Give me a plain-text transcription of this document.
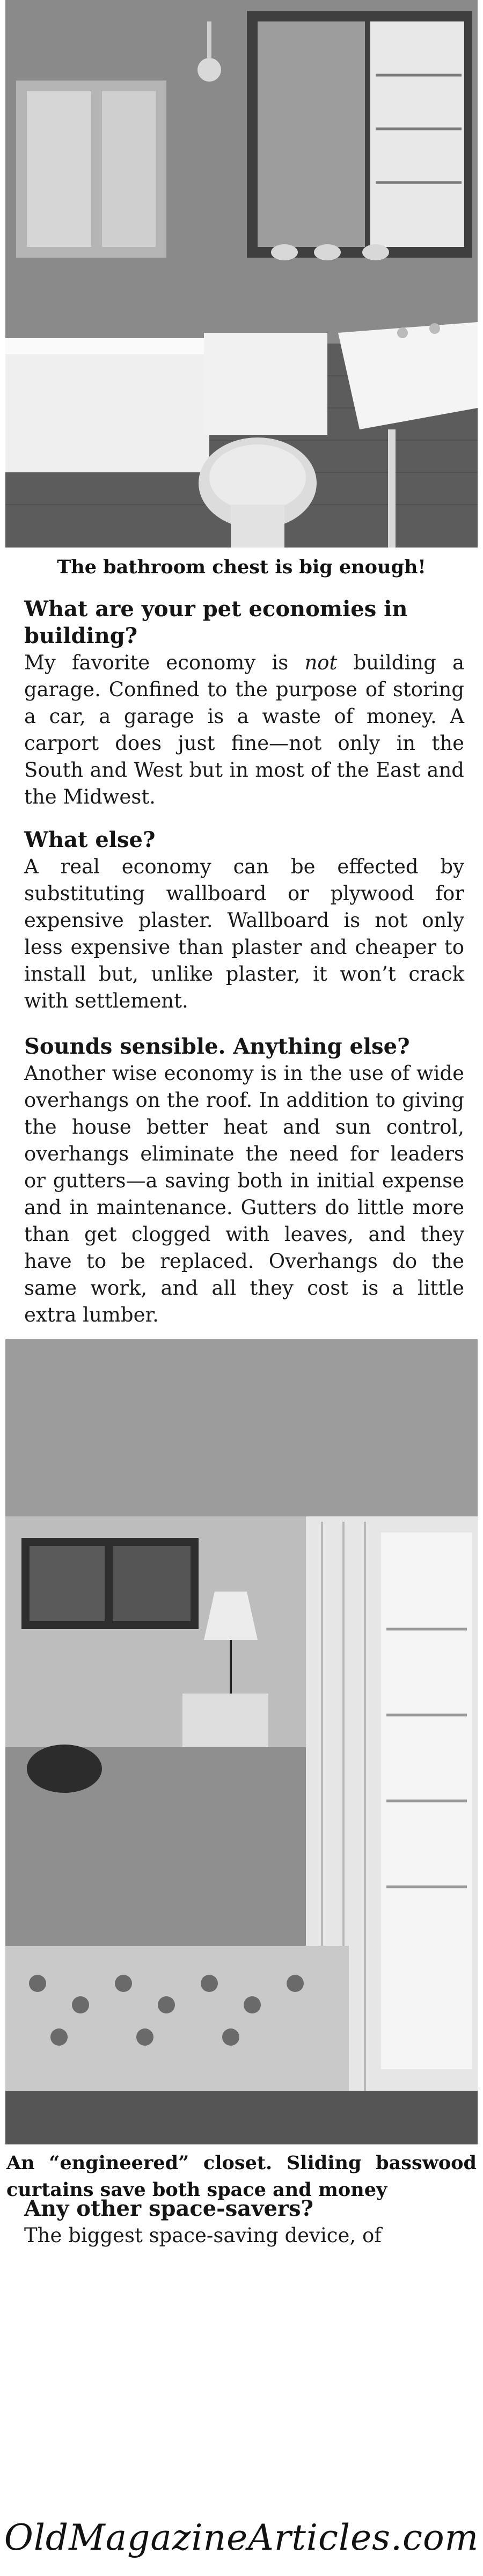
The bathroom chest is big enough!

What are your pet economies in building?

My favorite economy is not building a garage. Confined to the purpose of storing a car, a garage is a waste of money. A carport does just fine—not only in the South and West but in most of the East and the Midwest.

What else?

A real economy can be effected by substituting wallboard or plywood for expensive plaster. Wallboard is not only less expensive than plaster and cheaper to install but, unlike plaster, it won’t crack with settlement.

Sounds sensible. Anything else?

Another wise economy is in the use of wide overhangs on the roof. In addition to giving the house better heat and sun control, overhangs eliminate the need for leaders or gutters—a saving both in initial expense and in maintenance. Gutters do little more than get clogged with leaves, and they have to be replaced. Overhangs do the same work, and all they cost is a little extra lumber.

An “engineered” closet. Sliding basswood curtains save both space and money

Any other space-savers?

The biggest space-saving device, of

OldMagazineArticles.com
